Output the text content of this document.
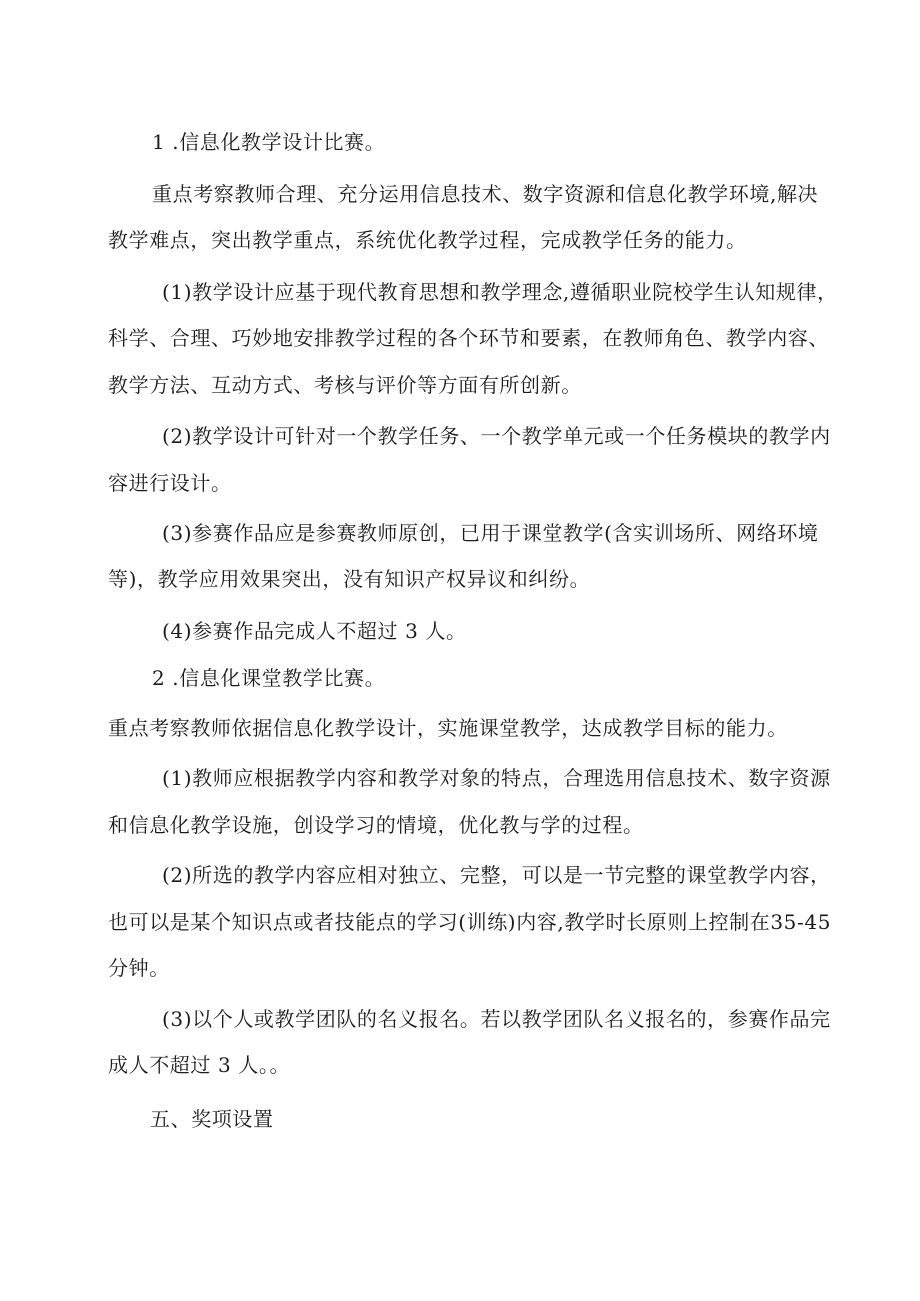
1 .信息化教学设计比赛。
重点考察教师合理、充分运用信息技术、数字资源和信息化教学环境,解决
教学难点，突出教学重点，系统优化教学过程，完成教学任务的能力。
(1)教学设计应基于现代教育思想和教学理念,遵循职业院校学生认知规律，
科学、合理、巧妙地安排教学过程的各个环节和要素，在教师角色、教学内容、
教学方法、互动方式、考核与评价等方面有所创新。
(2)教学设计可针对一个教学任务、一个教学单元或一个任务模块的教学内
容进行设计。
(3)参赛作品应是参赛教师原创，已用于课堂教学(含实训场所、网络环境
等)，教学应用效果突出，没有知识产权异议和纠纷。
(4)参赛作品完成人不超过 3 人。
2 .信息化课堂教学比赛。
重点考察教师依据信息化教学设计，实施课堂教学，达成教学目标的能力。
(1)教师应根据教学内容和教学对象的特点，合理选用信息技术、数字资源
和信息化教学设施，创设学习的情境，优化教与学的过程。
(2)所选的教学内容应相对独立、完整，可以是一节完整的课堂教学内容，
也可以是某个知识点或者技能点的学习(训练)内容,教学时长原则上控制在35-45
分钟。
(3)以个人或教学团队的名义报名。若以教学团队名义报名的，参赛作品完
成人不超过 3 人。。
五、奖项设置
